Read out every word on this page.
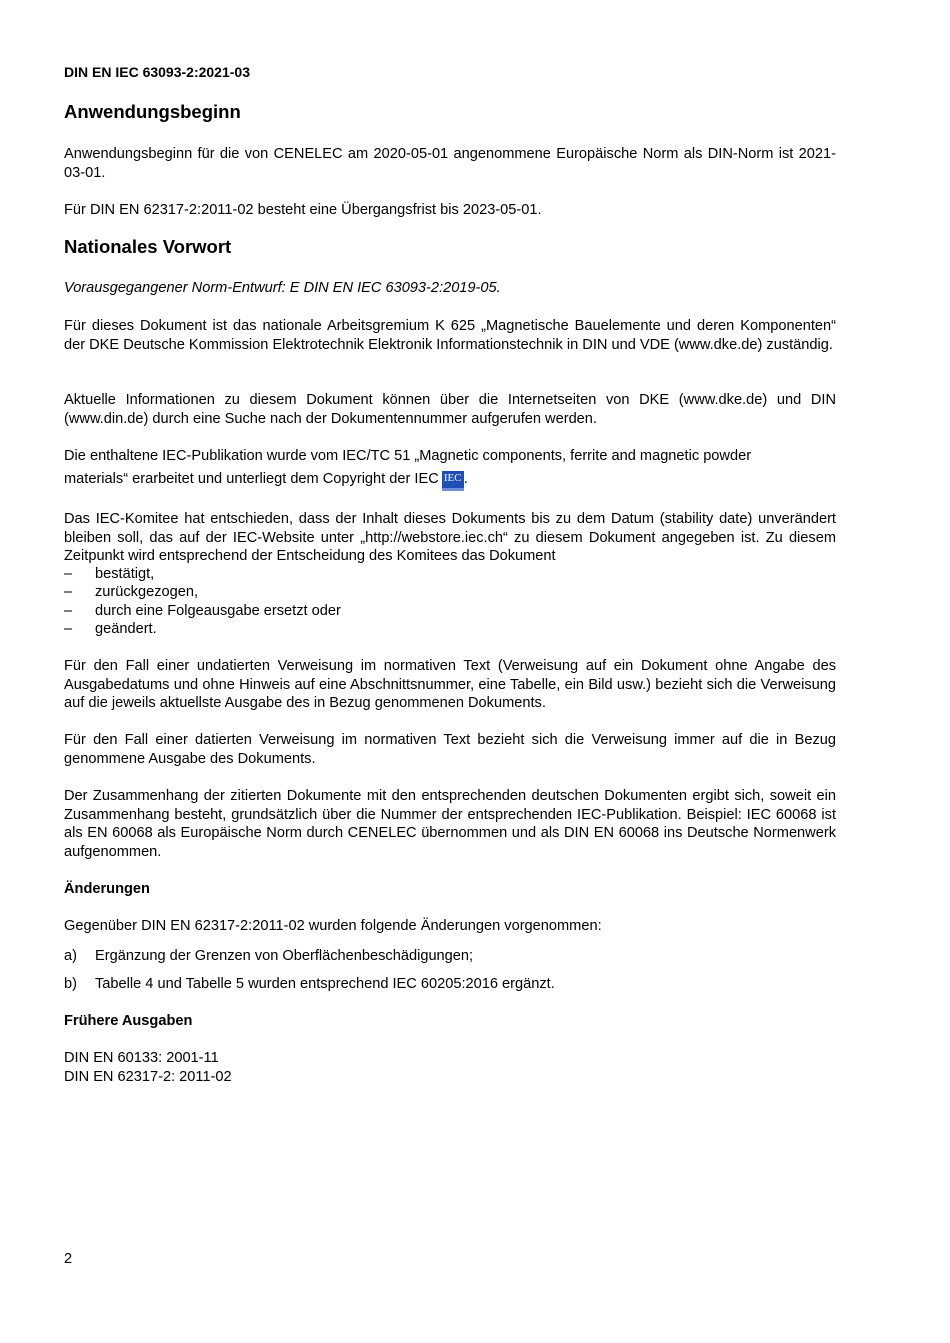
DIN EN IEC 63093-2:2021-03
Anwendungsbeginn
Anwendungsbeginn für die von CENELEC am 2020-05-01 angenommene Europäische Norm als DIN-Norm ist 2021-03-01.
Für DIN EN 62317-2:2011-02 besteht eine Übergangsfrist bis 2023-05-01.
Nationales Vorwort
Vorausgegangener Norm-Entwurf: E DIN EN IEC 63093-2:2019-05.
Für dieses Dokument ist das nationale Arbeitsgremium K 625 „Magnetische Bauelemente und deren Komponenten“ der DKE Deutsche Kommission Elektrotechnik Elektronik Informationstechnik in DIN und VDE (www.dke.de) zuständig.
Aktuelle Informationen zu diesem Dokument können über die Internetseiten von DKE (www.dke.de) und DIN (www.din.de) durch eine Suche nach der Dokumentennummer aufgerufen werden.
Die enthaltene IEC-Publikation wurde vom IEC/TC 51 „Magnetic components, ferrite and magnetic powder
materials“ erarbeitet und unterliegt dem Copyright der IEC IEC .
Das IEC-Komitee hat entschieden, dass der Inhalt dieses Dokuments bis zu dem Datum (stability date) unverändert bleiben soll, das auf der IEC-Website unter „http://webstore.iec.ch“ zu diesem Dokument angegeben ist. Zu diesem Zeitpunkt wird entsprechend der Entscheidung des Komitees das Dokument
–	bestätigt,
–	zurückgezogen,
–	durch eine Folgeausgabe ersetzt oder
–	geändert.
Für den Fall einer undatierten Verweisung im normativen Text (Verweisung auf ein Dokument ohne Angabe des Ausgabedatums und ohne Hinweis auf eine Abschnittsnummer, eine Tabelle, ein Bild usw.) bezieht sich die Verweisung auf die jeweils aktuellste Ausgabe des in Bezug genommenen Dokuments.
Für den Fall einer datierten Verweisung im normativen Text bezieht sich die Verweisung immer auf die in Bezug genommene Ausgabe des Dokuments.
Der Zusammenhang der zitierten Dokumente mit den entsprechenden deutschen Dokumenten ergibt sich, soweit ein Zusammenhang besteht, grundsätzlich über die Nummer der entsprechenden IEC-Publikation. Beispiel: IEC 60068 ist als EN 60068 als Europäische Norm durch CENELEC übernommen und als DIN EN 60068 ins Deutsche Normenwerk aufgenommen.
Änderungen
Gegenüber DIN EN 62317-2:2011-02 wurden folgende Änderungen vorgenommen:
a)	Ergänzung der Grenzen von Oberflächenbeschädigungen;
b)	Tabelle 4 und Tabelle 5 wurden entsprechend IEC 60205:2016 ergänzt.
Frühere Ausgaben
DIN EN 60133: 2001-11
DIN EN 62317-2: 2011-02
2
